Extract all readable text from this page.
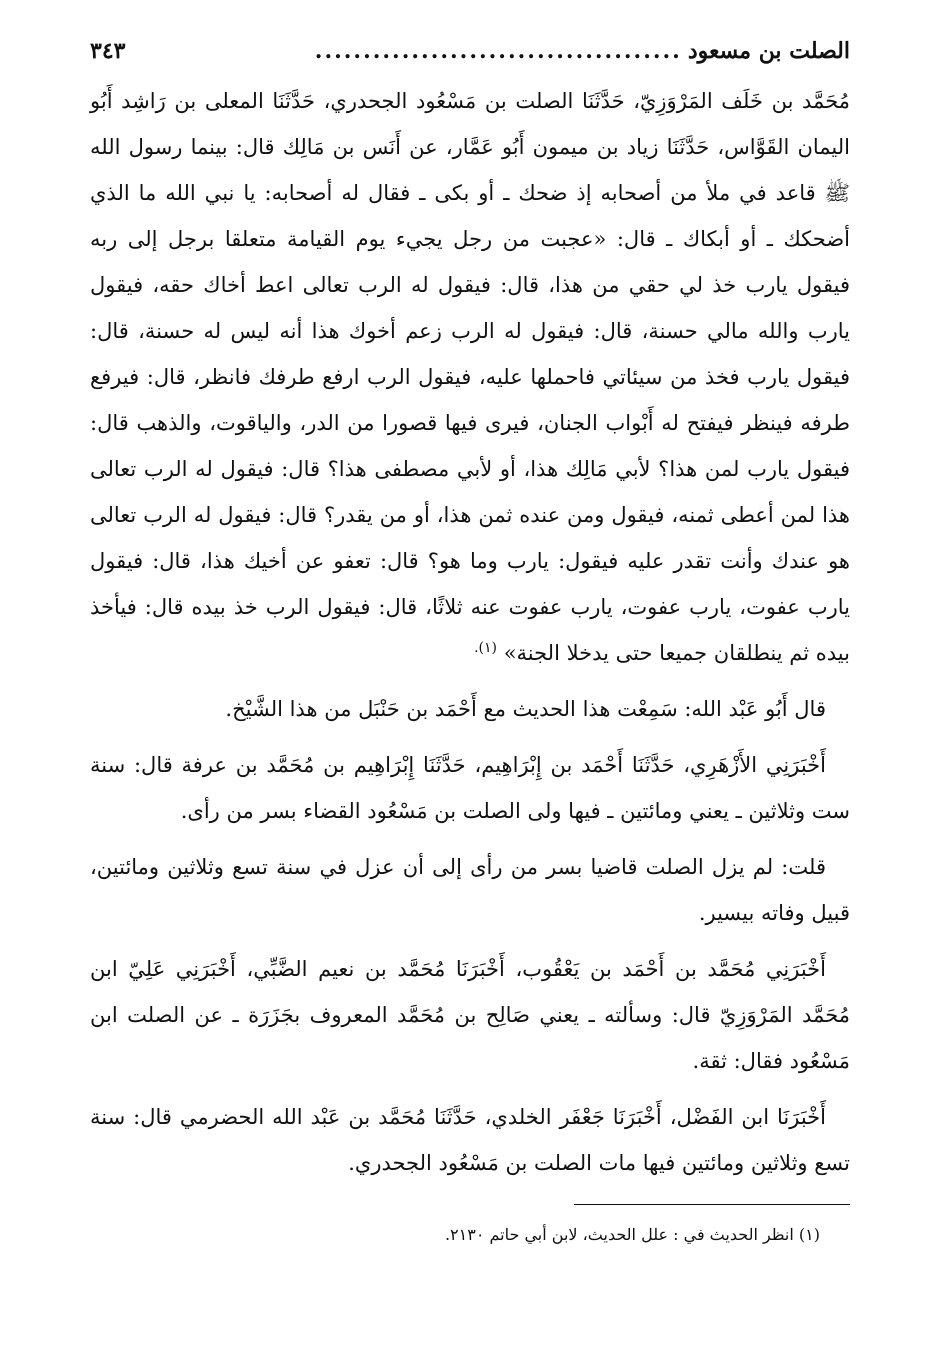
الصلت بن مسعود
......................................
٣٤٣

مُحَمَّد بن خَلَف المَرْوَزِيّ، حَدَّثَنَا الصلت بن مَسْعُود الجحدري، حَدَّثَنَا المعلى بن رَاشِد أَبُو اليمان القَوَّاس، حَدَّثَنَا زياد بن ميمون أَبُو عَمَّار، عن أَنَس بن مَالِك قال: بينما رسول الله ﷺ قاعد في ملأ من أصحابه إذ ضحك ـ أو بكى ـ فقال له أصحابه: يا نبي الله ما الذي أضحكك ـ أو أبكاك ـ قال: «عجبت من رجل يجيء يوم القيامة متعلقا برجل إلى ربه فيقول يارب خذ لي حقي من هذا، قال: فيقول له الرب تعالى اعط أخاك حقه، فيقول يارب والله مالي حسنة، قال: فيقول له الرب زعم أخوك هذا أنه ليس له حسنة، قال: فيقول يارب فخذ من سيئاتي فاحملها عليه، فيقول الرب ارفع طرفك فانظر، قال: فيرفع طرفه فينظر فيفتح له أَبْواب الجنان، فيرى فيها قصورا من الدر، والياقوت، والذهب قال: فيقول يارب لمن هذا؟ لأبي مَالِك هذا، أو لأبي مصطفى هذا؟ قال: فيقول له الرب تعالى هذا لمن أعطى ثمنه، فيقول ومن عنده ثمن هذا، أو من يقدر؟ قال: فيقول له الرب تعالى هو عندك وأنت تقدر عليه فيقول: يارب وما هو؟ قال: تعفو عن أخيك هذا، قال: فيقول يارب عفوت، يارب عفوت، يارب عفوت عنه ثلاثًا، قال: فيقول الرب خذ بيده قال: فيأخذ بيده ثم ينطلقان جميعا حتى يدخلا الجنة» $^{(١).}$

قال أَبُو عَبْد الله: سَمِعْت هذا الحديث مع أَحْمَد بن حَنْبَل من هذا الشَّيْخ.

أَخْبَرَنِي الأَزْهَرِي، حَدَّثَنَا أَحْمَد بن إِبْرَاهِيم، حَدَّثَنَا إِبْرَاهِيم بن مُحَمَّد بن عرفة قال: سنة ست وثلاثين ـ يعني ومائتين ـ فيها ولى الصلت بن مَسْعُود القضاء بسر من رأى.

قلت: لم يزل الصلت قاضيا بسر من رأى إلى أن عزل في سنة تسع وثلاثين ومائتين، قبيل وفاته بيسير.

أَخْبَرَنِي مُحَمَّد بن أَحْمَد بن يَعْقُوب، أَخْبَرَنَا مُحَمَّد بن نعيم الضَّبِّي، أَخْبَرَنِي عَلِيّ ابن مُحَمَّد المَرْوَزِيّ قال: وسألته ـ يعني صَالِح بن مُحَمَّد المعروف بجَزَرَة ـ عن الصلت ابن مَسْعُود فقال: ثقة.

أَخْبَرَنَا ابن الفَضْل، أَخْبَرَنَا جَعْفَر الخلدي، حَدَّثَنَا مُحَمَّد بن عَبْد الله الحضرمي قال: سنة تسع وثلاثين ومائتين فيها مات الصلت بن مَسْعُود الجحدري.

(١) انظر الحديث في : علل الحديث، لابن أبي حاتم ٢١٣٠.
